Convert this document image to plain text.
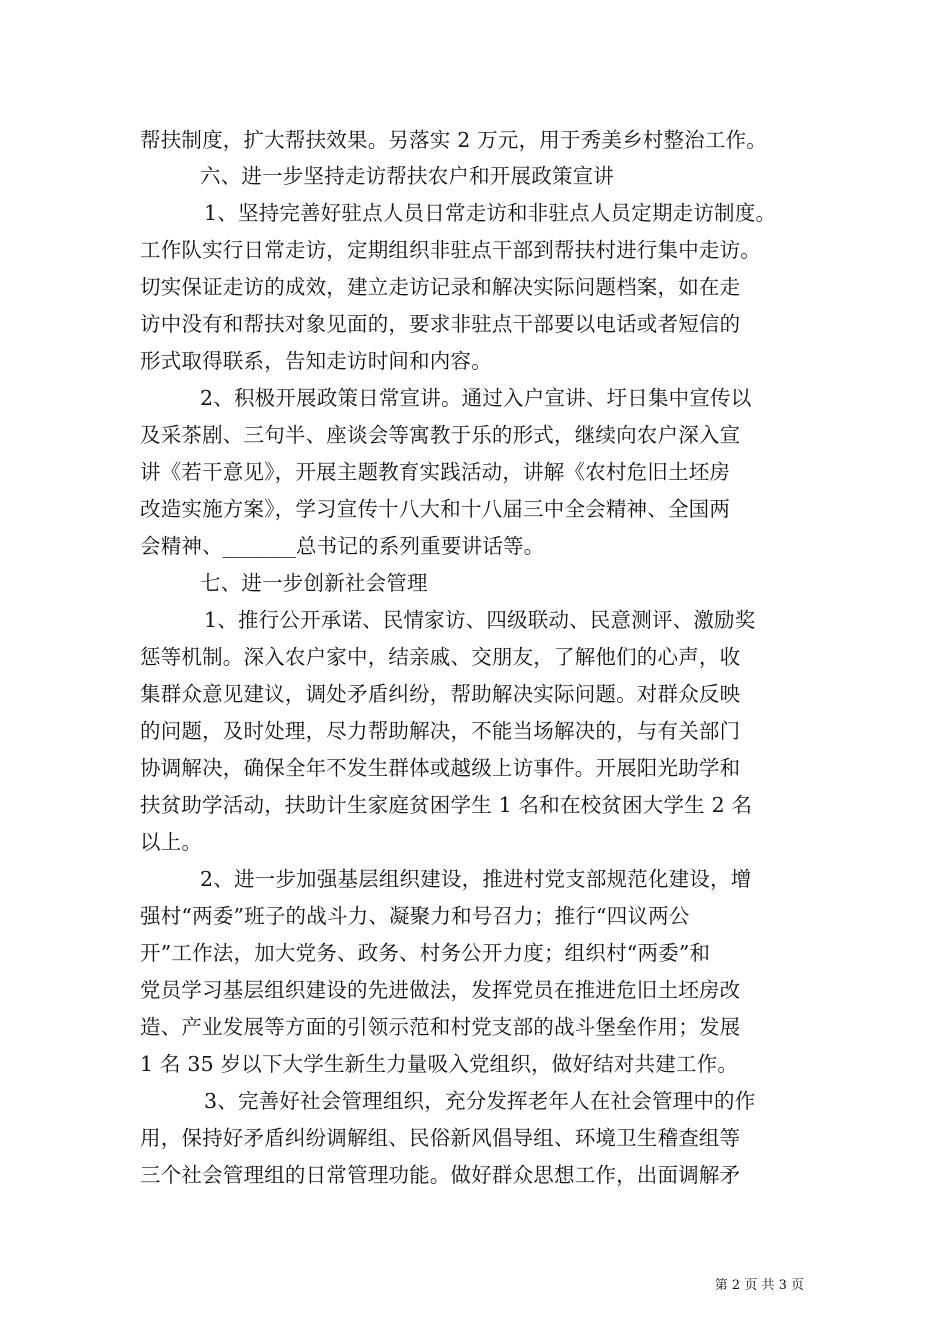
帮扶制度，扩大帮扶效果。另落实 2 万元，用于秀美乡村整治工作。
六、进一步坚持走访帮扶农户和开展政策宣讲
1、坚持完善好驻点人员日常走访和非驻点人员定期走访制度。
工作队实行日常走访，定期组织非驻点干部到帮扶村进行集中走访。
切实保证走访的成效，建立走访记录和解决实际问题档案，如在走
访中没有和帮扶对象见面的，要求非驻点干部要以电话或者短信的
形式取得联系，告知走访时间和内容。
2、积极开展政策日常宣讲。通过入户宣讲、圩日集中宣传以
及采茶剧、三句半、座谈会等寓教于乐的形式，继续向农户深入宣
讲《若干意见》，开展主题教育实践活动，讲解《农村危旧土坯房
改造实施方案》，学习宣传十八大和十八届三中全会精神、全国两
会精神、_______总书记的系列重要讲话等。
七、进一步创新社会管理
1、推行公开承诺、民情家访、四级联动、民意测评、激励奖
惩等机制。深入农户家中，结亲戚、交朋友，了解他们的心声，收
集群众意见建议，调处矛盾纠纷，帮助解决实际问题。对群众反映
的问题，及时处理，尽力帮助解决，不能当场解决的，与有关部门
协调解决，确保全年不发生群体或越级上访事件。开展阳光助学和
扶贫助学活动，扶助计生家庭贫困学生 1 名和在校贫困大学生 2 名
以上。
2、进一步加强基层组织建设，推进村党支部规范化建设，增
强村“两委”班子的战斗力、凝聚力和号召力；推行“四议两公
开”工作法，加大党务、政务、村务公开力度；组织村“两委”和
党员学习基层组织建设的先进做法，发挥党员在推进危旧土坯房改
造、产业发展等方面的引领示范和村党支部的战斗堡垒作用；发展
1 名 35 岁以下大学生新生力量吸入党组织，做好结对共建工作。
3、完善好社会管理组织，充分发挥老年人在社会管理中的作
用，保持好矛盾纠纷调解组、民俗新风倡导组、环境卫生稽查组等
三个社会管理组的日常管理功能。做好群众思想工作，出面调解矛
第 2 页 共 3 页
